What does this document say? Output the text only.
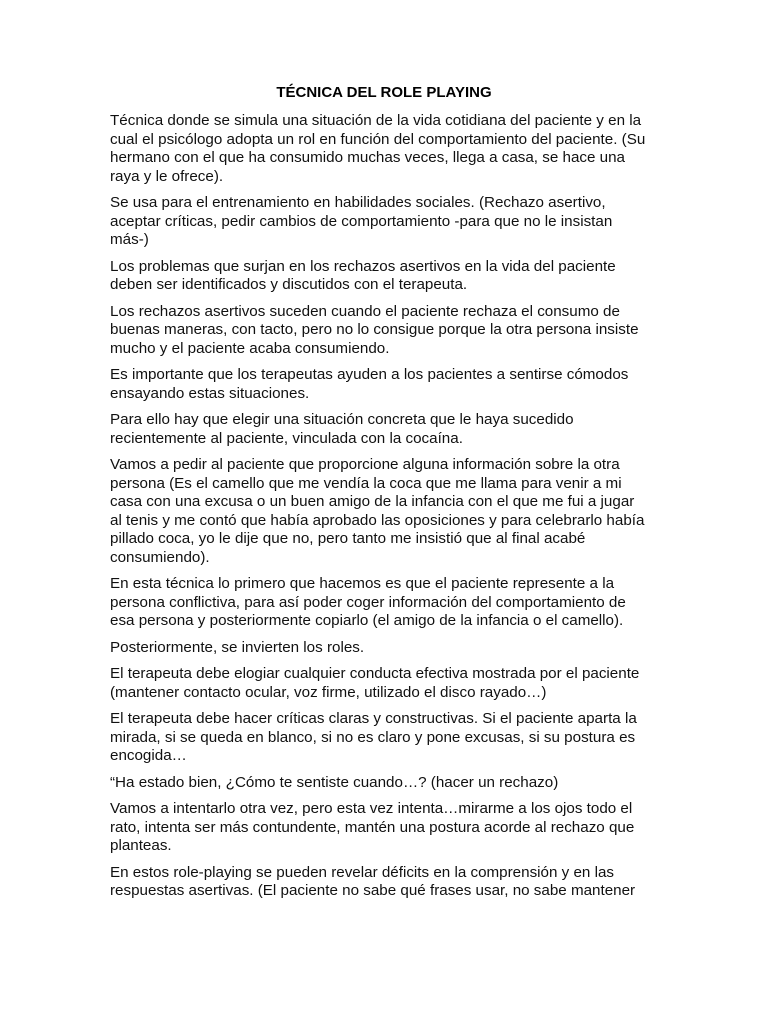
TÉCNICA DEL ROLE PLAYING

Técnica donde se simula una situación de la vida cotidiana del paciente y en la cual el psicólogo adopta un rol en función del comportamiento del paciente. (Su hermano con el que ha consumido muchas veces, llega a casa, se hace una raya y le ofrece).

Se usa para el entrenamiento en habilidades sociales. (Rechazo asertivo, aceptar críticas, pedir cambios de comportamiento -para que no le insistan más-)

Los problemas que surjan en los rechazos asertivos en la vida del paciente deben ser identificados y discutidos con el terapeuta.

Los rechazos asertivos suceden cuando el paciente rechaza el consumo de buenas maneras, con tacto, pero no lo consigue porque la otra persona insiste mucho y el paciente acaba consumiendo.

Es importante que los terapeutas ayuden a los pacientes a sentirse cómodos ensayando estas situaciones.

Para ello hay que elegir una situación concreta que le haya sucedido recientemente al paciente, vinculada con la cocaína.

Vamos a pedir al paciente que proporcione alguna información sobre la otra persona (Es el camello que me vendía la coca que me llama para venir a mi casa con una excusa o un buen amigo de la infancia con el que me fui a jugar al tenis y me contó que había aprobado las oposiciones y para celebrarlo había pillado coca, yo le dije que no, pero tanto me insistió que al final acabé consumiendo).

En esta técnica lo primero que hacemos es que el paciente represente a la persona conflictiva, para así poder coger información del comportamiento de esa persona y posteriormente copiarlo (el amigo de la infancia o el camello).

Posteriormente, se invierten los roles.

El terapeuta debe elogiar cualquier conducta efectiva mostrada por el paciente (mantener contacto ocular, voz firme, utilizado el disco rayado…)

El terapeuta debe hacer críticas claras y constructivas. Si el paciente aparta la mirada, si se queda en blanco, si no es claro y pone excusas, si su postura es encogida…

“Ha estado bien, ¿Cómo te sentiste cuando…? (hacer un rechazo)

Vamos a intentarlo otra vez, pero esta vez intenta…mirarme a los ojos todo el rato, intenta ser más contundente, mantén una postura acorde al rechazo que planteas.

En estos role-playing se pueden revelar déficits en la comprensión y en las respuestas asertivas. (El paciente no sabe qué frases usar, no sabe mantener
